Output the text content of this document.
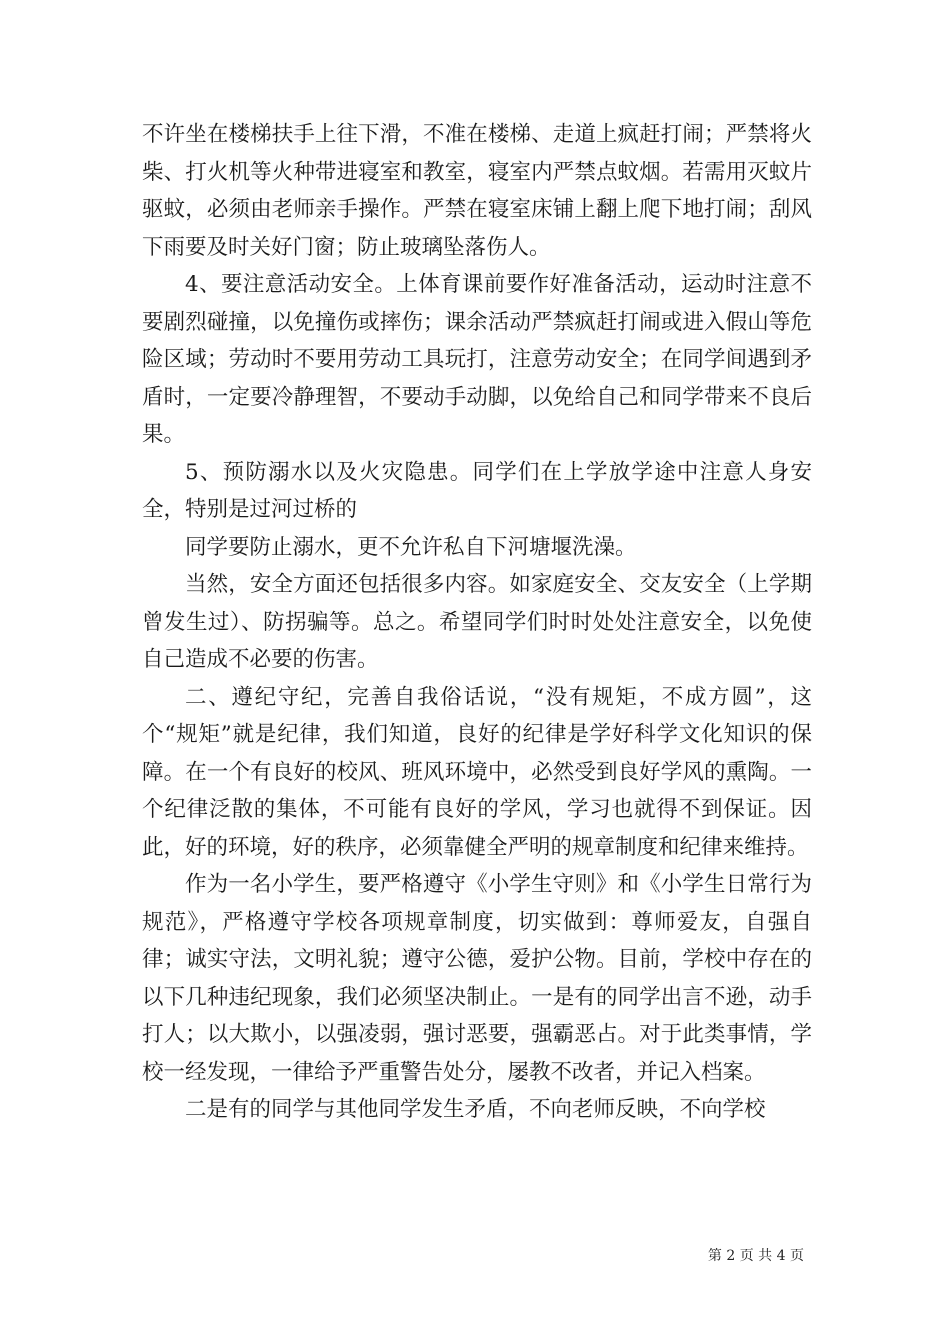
不许坐在楼梯扶手上往下滑，不准在楼梯、走道上疯赶打闹；严禁将火柴、打火机等火种带进寝室和教室，寝室内严禁点蚊烟。若需用灭蚊片驱蚊，必须由老师亲手操作。严禁在寝室床铺上翻上爬下地打闹；刮风下雨要及时关好门窗；防止玻璃坠落伤人。

4、要注意活动安全。上体育课前要作好准备活动，运动时注意不要剧烈碰撞，以免撞伤或摔伤；课余活动严禁疯赶打闹或进入假山等危险区域；劳动时不要用劳动工具玩打，注意劳动安全；在同学间遇到矛盾时，一定要冷静理智，不要动手动脚，以免给自己和同学带来不良后果。

5、预防溺水以及火灾隐患。同学们在上学放学途中注意人身安全，特别是过河过桥的

同学要防止溺水，更不允许私自下河塘堰洗澡。

当然，安全方面还包括很多内容。如家庭安全、交友安全（上学期曾发生过）、防拐骗等。总之。希望同学们时时处处注意安全，以免使自己造成不必要的伤害。

二、遵纪守纪，完善自我俗话说，“没有规矩，不成方圆”，这个“规矩”就是纪律，我们知道，良好的纪律是学好科学文化知识的保障。在一个有良好的校风、班风环境中，必然受到良好学风的熏陶。一个纪律泛散的集体，不可能有良好的学风，学习也就得不到保证。因此，好的环境，好的秩序，必须靠健全严明的规章制度和纪律来维持。

作为一名小学生，要严格遵守《小学生守则》和《小学生日常行为规范》，严格遵守学校各项规章制度，切实做到：尊师爱友，自强自律；诚实守法，文明礼貌；遵守公德，爱护公物。目前，学校中存在的以下几种违纪现象，我们必须坚决制止。一是有的同学出言不逊，动手打人；以大欺小，以强凌弱，强讨恶要，强霸恶占。对于此类事情，学校一经发现，一律给予严重警告处分，屡教不改者，并记入档案。

二是有的同学与其他同学发生矛盾，不向老师反映，不向学校

第 2 页 共 4 页
